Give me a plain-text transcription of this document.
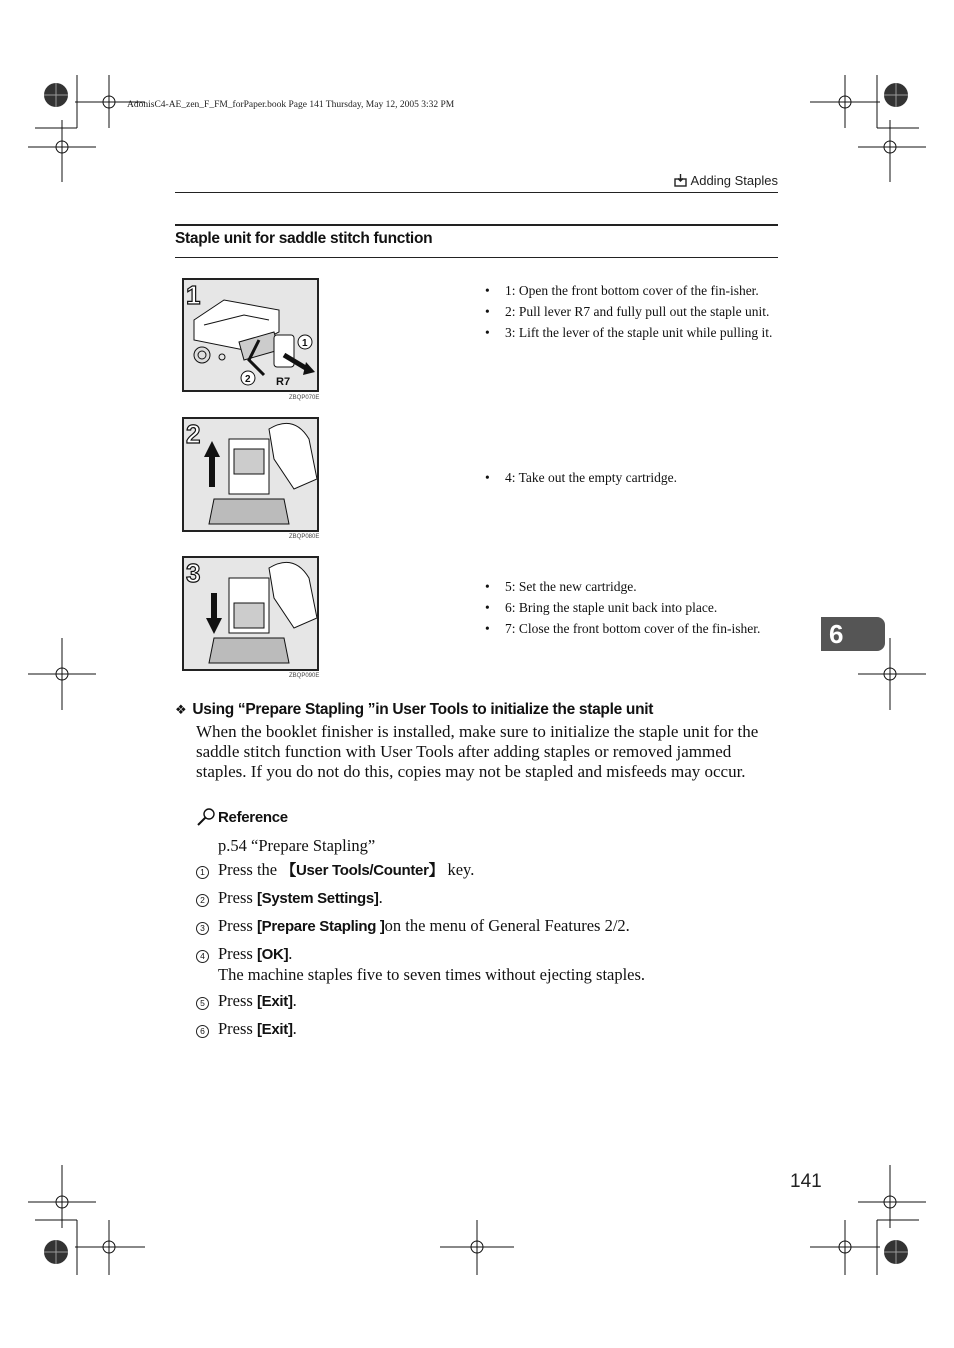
AdonisC4-AE_zen_F_FM_forPaper.book Page 141 Thursday, May 12, 2005 3:32 PM
Adding Staples
Staple unit for saddle stitch function
1
1
2 R7
ZBQP070E
• 1: Open the front bottom cover of the fin-isher.
• 2: Pull lever R7 and fully pull out the staple unit.
• 3: Lift the lever of the staple unit while pulling it.
2
ZBQP080E
• 4: Take out the empty cartridge.
3
ZBQP090E
• 5: Set the new cartridge.
• 6: Bring the staple unit back into place.
• 7: Close the front bottom cover of the fin-isher.	6
❖ Using “Prepare Stapling ”in User Tools to initialize the staple unit
When the booklet finisher is installed, make sure to initialize the staple unit for the saddle stitch function with User Tools after adding staples or removed jammed staples. If you do not do this, copies may not be stapled and misfeeds may occur.
Reference
p.54 “Prepare Stapling”
1 Press the 【User Tools/Counter】 key.
2 Press [System Settings].
3 Press [Prepare Stapling ]on the menu of General Features 2/2.
4 Press [OK].
The machine staples five to seven times without ejecting staples.
5 Press [Exit].
6 Press [Exit].
141
